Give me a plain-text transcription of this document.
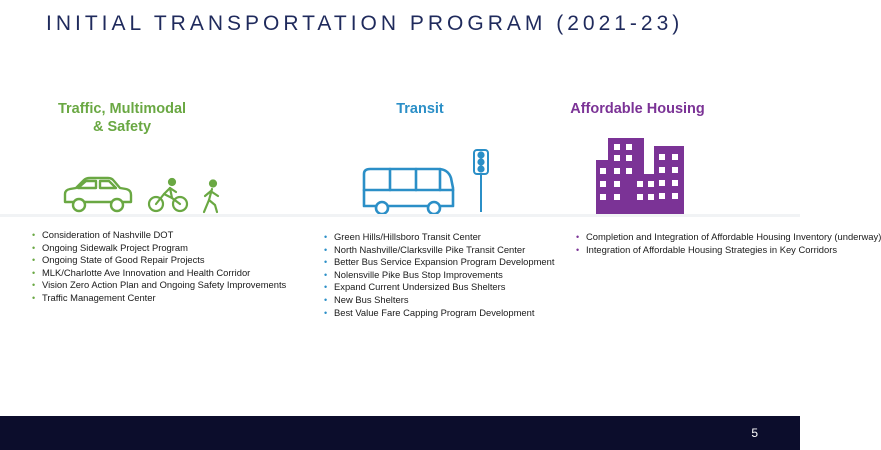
INITIAL TRANSPORTATION PROGRAM (2021-23)
Traffic, Multimodal
& Safety
Transit	Affordable Housing
• Consideration of Nashville DOT
• Ongoing Sidewalk Project Program
• Ongoing State of Good Repair Projects
• MLK/Charlotte Ave Innovation and Health Corridor
• Vision Zero Action Plan and Ongoing Safety Improvements
• Traffic Management Center
• Green Hills/Hillsboro Transit Center
• North Nashville/Clarksville Pike Transit Center
• Better Bus Service Expansion Program Development
• Nolensville Pike Bus Stop Improvements
• Expand Current Undersized Bus Shelters
• New Bus Shelters
• Best Value Fare Capping Program Development
• Completion and Integration of Affordable Housing Inventory (underway)
• Integration of Affordable Housing Strategies in Key Corridors
5
